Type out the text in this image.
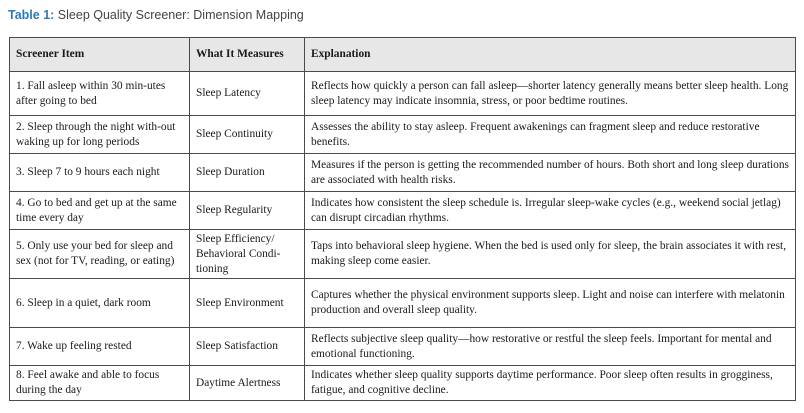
Table 1: Sleep Quality Screener: Dimension Mapping
Screener Item	What It Measures	Explanation
1. Fall asleep within 30 min-utes after going to bed	Sleep Latency	Reflects how quickly a person can fall asleep—shorter latency generally means better sleep health. Long sleep latency may indicate insomnia, stress, or poor bedtime routines.
2. Sleep through the night with-out waking up for long periods	Sleep Continuity	Assesses the ability to stay asleep. Frequent awakenings can fragment sleep and reduce restorative benefits.
3. Sleep 7 to 9 hours each night	Sleep Duration	Measures if the person is getting the recommended number of hours. Both short and long sleep durations are associated with health risks.
4. Go to bed and get up at the same time every day	Sleep Regularity	Indicates how consistent the sleep schedule is. Irregular sleep-wake cycles (e.g., weekend social jetlag) can disrupt circadian rhythms.
5. Only use your bed for sleep and sex (not for TV, reading, or eating)	Sleep Efficiency/ Behavioral Condi-tioning	Taps into behavioral sleep hygiene. When the bed is used only for sleep, the brain associates it with rest, making sleep come easier.
6. Sleep in a quiet, dark room	Sleep Environment	Captures whether the physical environment supports sleep. Light and noise can interfere with melatonin production and overall sleep quality.
7. Wake up feeling rested	Sleep Satisfaction	Reflects subjective sleep quality—how restorative or restful the sleep feels. Important for mental and emotional functioning.
8. Feel awake and able to focus during the day	Daytime Alertness	Indicates whether sleep quality supports daytime performance. Poor sleep often results in grogginess, fatigue, and cognitive decline.
